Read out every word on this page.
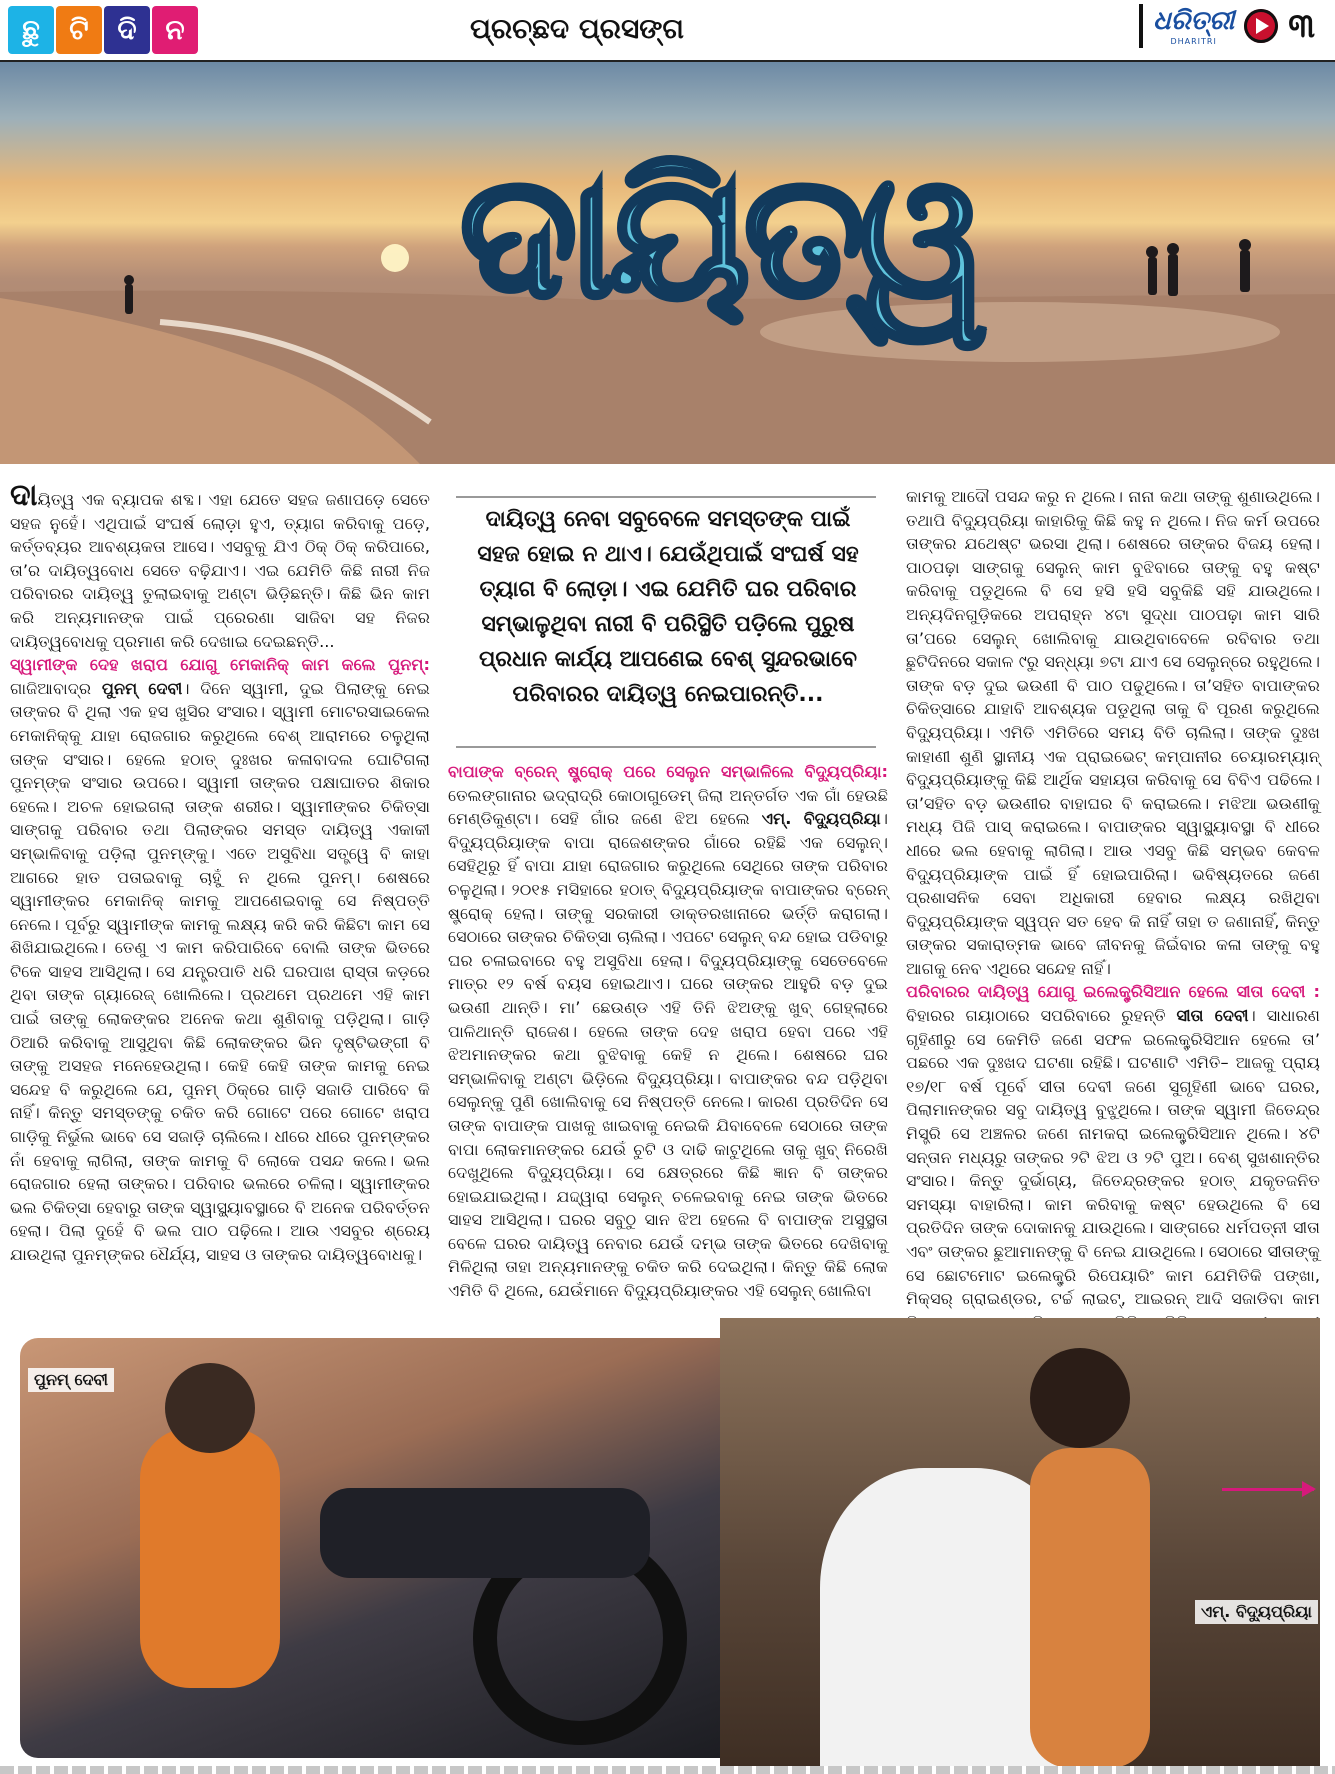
ଛୁ	ଟି	ଦି	ନ	ପ୍ରଚ୍ଛଦ ପ୍ରସଙ୍ଗ	ଧରିତ୍ରୀ
DHARITRI	୩
ଦାୟିତ୍ୱ

ଦାୟିତ୍ୱ ଏକ ବ୍ୟାପକ ଶବ୍ଦ। ଏହା ଯେତେ ସହଜ ଜଣାପଡ଼େ ସେତେ ସହଜ ନୁହେଁ। ଏଥିପାଇଁ ସଂଘର୍ଷ ଲୋଡ଼ା ହୁଏ, ତ୍ୟାଗ କରିବାକୁ ପଡ଼େ, କର୍ତ୍ତବ୍ୟର ଆବଶ୍ୟକତା ଆସେ। ଏସବୁକୁ ଯିଏ ଠିକ୍ ଠିକ୍ କରିପାରେ, ତା’ର ଦାୟିତ୍ୱବୋଧ ସେତେ ବଢ଼ିଯାଏ। ଏଇ ଯେମିତି କିଛି ନାରୀ ନିଜ ପରିବାରର ଦାୟିତ୍ୱ ତୁଲାଇବାକୁ ଅଣ୍ଟା ଭିଡ଼ିଛନ୍ତି। କିଛି ଭିନ କାମ କରି ଅନ୍ୟମାନଙ୍କ ପାଇଁ ପ୍ରେରଣା ସାଜିବା ସହ ନିଜର ଦାୟିତ୍ୱବୋଧକୁ ପ୍ରମାଣ କରି ଦେଖାଇ ଦେଇଛନ୍ତି...

ସ୍ୱାମୀଙ୍କ ଦେହ ଖରାପ ଯୋଗୁ ମେକାନିକ୍ କାମ କଲେ ପୁନମ୍: ଗାଜିଆବାଦ୍‌ର ପୁନମ୍ ଦେବୀ। ଦିନେ ସ୍ୱାମୀ, ଦୁଇ ପିଲାଙ୍କୁ ନେଇ ତାଙ୍କର ବି ଥିଲା ଏକ ହସ ଖୁସିର ସଂସାର। ସ୍ୱାମୀ ମୋଟରସାଇକେଲ ମେକାନିକ୍କୁ ଯାହା ରୋଜଗାର କରୁଥିଲେ ବେଶ୍ ଆରାମରେ ଚଳୁଥିଲା ତାଙ୍କ ସଂସାର। ହେଲେ ହଠାତ୍ ଦୁଃଖର କଳାବାଦଲ ଘୋଟିଗଲା ପୁନମ୍‌ଙ୍କ ସଂସାର ଉପରେ। ସ୍ୱାମୀ ତାଙ୍କର ପକ୍ଷାଘାତର ଶିକାର ହେଲେ। ଅଚଳ ହୋଇଗଲା ତାଙ୍କ ଶରୀର। ସ୍ୱାମୀଙ୍କର ଚିକିତ୍ସା ସାଙ୍ଗକୁ ପରିବାର ତଥା ପିଲାଙ୍କର ସମସ୍ତ ଦାୟିତ୍ୱ ଏକାକୀ ସମ୍ଭାଳିବାକୁ ପଡ଼ିଲା ପୁନମ୍‌ଙ୍କୁ। ଏତେ ଅସୁବିଧା ସତ୍ତ୍ୱେ ବି କାହା ଆଗରେ ହାତ ପତାଇବାକୁ ଚାହୁଁ ନ ଥିଲେ ପୁନମ୍। ଶେଷରେ ସ୍ୱାମୀଙ୍କର ମେକାନିକ୍ କାମକୁ ଆପଣେଇବାକୁ ସେ ନିଷ୍ପତ୍ତି ନେଲେ। ପୂର୍ବରୁ ସ୍ୱାମୀଙ୍କ କାମକୁ ଲକ୍ଷ୍ୟ କରି କରି କିଛିଟା କାମ ସେ ଶିଖିଯାଇଥିଲେ। ତେଣୁ ଏ କାମ କରିପାରିବେ ବୋଲି ତାଙ୍କ ଭିତରେ ଟିକେ ସାହସ ଆସିଥିଲା। ସେ ଯନ୍ତ୍ରପାତି ଧରି ଘରପାଖ ରାସ୍ତା କଡ଼ରେ ଥିବା ତାଙ୍କ ଗ୍ୟାରେଜ୍ ଖୋଲିଲେ। ପ୍ରଥମେ ପ୍ରଥମେ ଏହି କାମ ପାଇଁ ତାଙ୍କୁ ଲୋକଙ୍କର ଅନେକ କଥା ଶୁଣିବାକୁ ପଡ଼ିଥିଲା। ଗାଡ଼ି ଠିଆରି କରିବାକୁ ଆସୁଥିବା କିଛି ଲୋକଙ୍କର ଭିନ ଦୃଷ୍ଟିଭଙ୍ଗୀ ବି ତାଙ୍କୁ ଅସହଜ ମନେହେଉଥିଲା। କେହି କେହି ତାଙ୍କ କାମକୁ ନେଇ ସନ୍ଦେହ ବି କରୁଥିଲେ ଯେ, ପୁନମ୍ ଠିକ୍‌ରେ ଗାଡ଼ି ସଜାଡି ପାରିବେ କି ନାହିଁ। କିନ୍ତୁ ସମସ୍ତଙ୍କୁ ଚକିତ କରି ଗୋଟେ ପରେ ଗୋଟେ ଖରାପ ଗାଡ଼ିକୁ ନିର୍ଭୁଲ ଭାବେ ସେ ସଜାଡ଼ି ଚାଲିଲେ। ଧୀରେ ଧୀରେ ପୁନମ୍‌ଙ୍କର ନାଁ ହେବାକୁ ଲାଗିଲା, ତାଙ୍କ କାମକୁ ବି ଲୋକେ ପସନ୍ଦ କଲେ। ଭଲ ରୋଜଗାର ହେଲା ତାଙ୍କର। ପରିବାର ଭଲରେ ଚଳିଲା। ସ୍ୱାମୀଙ୍କର ଭଲ ଚିକିତ୍ସା ହେବାରୁ ତାଙ୍କ ସ୍ୱାସ୍ଥ୍ୟାବସ୍ଥାରେ ବି ଅନେକ ପରିବର୍ତ୍ତନ ହେଲା। ପିଲା ଦୁହେଁ ବି ଭଲ ପାଠ ପଢ଼ିଲେ। ଆଉ ଏସବୁର ଶ୍ରେୟ ଯାଉଥିଲା ପୁନମ୍‌ଙ୍କର ଧୈର୍ଯ୍ୟ, ସାହସ ଓ ତାଙ୍କର ଦାୟିତ୍ୱବୋଧକୁ।

ଦାୟିତ୍ୱ ନେବା ସବୁବେଳେ ସମସ୍ତଙ୍କ ପାଇଁ ସହଜ ହୋଇ ନ ଥାଏ। ଯେଉଁଥିପାଇଁ ସଂଘର୍ଷ ସହ ତ୍ୟାଗ ବି ଲୋଡ଼ା। ଏଇ ଯେମିତି ଘର ପରିବାର ସମ୍ଭାଳୁଥିବା ନାରୀ ବି ପରିସ୍ଥିତି ପଡ଼ିଲେ ପୁରୁଷ ପ୍ରଧାନ କାର୍ଯ୍ୟ ଆପଣେଇ ବେଶ୍ ସୁନ୍ଦରଭାବେ ପରିବାରର ଦାୟିତ୍ୱ ନେଇପାରନ୍ତି...

ବାପାଙ୍କ ବ୍ରେନ୍ ଷ୍ଟ୍ରୋକ୍ ପରେ ସେଲୁନ ସମ୍ଭାଳିଲେ ବିଦ୍ୟୁପ୍ରିୟା: ତେଲଙ୍ଗାନାର ଭଦ୍ରାଦ୍ରି କୋଠାଗୁଡେମ୍ ଜିଲା ଅନ୍ତର୍ଗତ ଏକ ଗାଁ ହେଉଛି ମେଣ୍ଡିକୁଣ୍ଟା। ସେହି ଗାଁର ଜଣେ ଝିଅ ହେଲେ ଏମ୍. ବିଦ୍ୟୁପ୍ରିୟା। ବିଦ୍ୟୁପ୍ରିୟାଙ୍କ ବାପା ରାଜେଶଙ୍କର ଗାଁରେ ରହିଛି ଏକ ସେଲୁନ୍। ସେହିଥିରୁ ହିଁ ବାପା ଯାହା ରୋଜଗାର କରୁଥିଲେ ସେଥିରେ ତାଙ୍କ ପରିବାର ଚଳୁଥିଲା। ୨୦୧୫ ମସିହାରେ ହଠାତ୍ ବିଦ୍ୟୁପ୍ରିୟାଙ୍କ ବାପାଙ୍କର ବ୍ରେନ୍ ଷ୍ଟ୍ରୋକ୍ ହେଲା। ତାଙ୍କୁ ସରକାରୀ ଡାକ୍ତରଖାନାରେ ଭର୍ତ୍ତି କରାଗଲା। ସେଠାରେ ତାଙ୍କର ଚିକିତ୍ସା ଚାଲିଲା। ଏପଟେ ସେଲୁନ୍ ବନ୍ଦ ହୋଇ ପଡିବାରୁ ଘର ଚଳାଇବାରେ ବହୁ ଅସୁବିଧା ହେଲା। ବିଦ୍ୟୁପ୍ରିୟାଙ୍କୁ ସେତେବେଳେ ମାତ୍ର ୧୨ ବର୍ଷ ବୟସ ହୋଇଥାଏ। ଘରେ ତାଙ୍କର ଆହୁରି ବଡ଼ ଦୁଇ ଭଉଣୀ ଥାନ୍ତି। ମା’ ଛେଉଣ୍ଡ ଏହି ତିନି ଝିଅଙ୍କୁ ଖୁବ୍ ଗେହ୍ଲାରେ ପାଳିଥାନ୍ତି ରାଜେଶ। ହେଲେ ତାଙ୍କ ଦେହ ଖରାପ ହେବା ପରେ ଏହି ଝିଅମାନଙ୍କର କଥା ବୁଝିବାକୁ କେହି ନ ଥିଲେ। ଶେଷରେ ଘର ସମ୍ଭାଳିବାକୁ ଅଣ୍ଟା ଭିଡ଼ିଲେ ବିଦ୍ୟୁପ୍ରିୟା। ବାପାଙ୍କର ବନ୍ଦ ପଡ଼ିଥିବା ସେଲୁନ୍‌କୁ ପୁଣି ଖୋଲିବାକୁ ସେ ନିଷ୍ପତ୍ତି ନେଲେ। କାରଣ ପ୍ରତିଦିନ ସେ ତାଙ୍କ ବାପାଙ୍କ ପାଖକୁ ଖାଇବାକୁ ନେଇକି ଯିବାବେଳେ ସେଠାରେ ତାଙ୍କ ବାପା ଲୋକମାନଙ୍କର ଯେଉଁ ଚୁଟି ଓ ଦାଢି କାଟୁଥିଲେ ତାକୁ ଖୁବ୍ ନିରେଖି ଦେଖୁଥିଲେ ବିଦ୍ୟୁପ୍ରିୟା। ସେ କ୍ଷେତ୍ରରେ କିଛି ଜ୍ଞାନ ବି ତାଙ୍କର ହୋଇଯାଇଥିଲା। ଯଦ୍ଦ୍ୱାରା ସେଲୁନ୍ ଚଳେଇବାକୁ ନେଇ ତାଙ୍କ ଭିତରେ ସାହସ ଆସିଥିଲା। ଘରର ସବୁଠୁ ସାନ ଝିଅ ହେଲେ ବି ବାପାଙ୍କ ଅସୁସ୍ଥତା ବେଳେ ଘରର ଦାୟିତ୍ୱ ନେବାର ଯେଉଁ ଦମ୍ଭ ତାଙ୍କ ଭିତରେ ଦେଖିବାକୁ ମିଳିଥିଲା ତାହା ଅନ୍ୟମାନଙ୍କୁ ଚକିତ କରି ଦେଇଥିଲା। କିନ୍ତୁ କିଛି ଲୋକ ଏମିତି ବି ଥିଲେ, ଯେଉଁମାନେ ବିଦ୍ୟୁପ୍ରିୟାଙ୍କର ଏହି ସେଲୁନ୍ ଖୋଲିବା

କାମକୁ ଆଦୌ ପସନ୍ଦ କରୁ ନ ଥିଲେ। ନାନା କଥା ତାଙ୍କୁ ଶୁଣାଉଥିଲେ। ତଥାପି ବିଦ୍ୟୁପ୍ରିୟା କାହାରିକୁ କିଛି କହୁ ନ ଥିଲେ। ନିଜ କର୍ମ ଉପରେ ତାଙ୍କର ଯଥେଷ୍ଟ ଭରସା ଥିଲା। ଶେଷରେ ତାଙ୍କର ବିଜୟ ହେଲା। ପାଠପଢ଼ା ସାଙ୍ଗକୁ ସେଲୁନ୍ କାମ ବୁଝିବାରେ ତାଙ୍କୁ ବହୁ କଷ୍ଟ କରିବାକୁ ପଡୁଥିଲେ ବି ସେ ହସି ହସି ସବୁକିଛି ସହି ଯାଉଥିଲେ। ଅନ୍ୟଦିନଗୁଡ଼ିକରେ ଅପରାହ୍ନ ୪ଟା ସୁଦ୍ଧା ପାଠପଢ଼ା କାମ ସାରି ତା’ପରେ ସେଲୁନ୍ ଖୋଲିବାକୁ ଯାଉଥିବାବେଳେ ରବିବାର ତଥା ଛୁଟିଦିନରେ ସକାଳ ୯ରୁ ସନ୍ଧ୍ୟା ୭ଟା ଯାଏ ସେ ସେଲୁନ୍‌ରେ ରହୁଥିଲେ। ତାଙ୍କ ବଡ଼ ଦୁଇ ଭଉଣୀ ବି ପାଠ ପଢୁଥିଲେ। ତା’ସହିତ ବାପାଙ୍କର ଚିକିତ୍ସାରେ ଯାହାବି ଆବଶ୍ୟକ ପଡୁଥିଲା ତାକୁ ବି ପୂରଣ କରୁଥିଲେ ବିଦ୍ୟୁପ୍ରିୟା। ଏମିତି ଏମିତିରେ ସମୟ ବିତି ଚାଲିଲା। ତାଙ୍କ ଦୁଃଖ କାହାଣୀ ଶୁଣି ସ୍ଥାନୀୟ ଏକ ପ୍ରାଇଭେଟ୍ କମ୍ପାନୀର ଚେୟାରମ୍ୟାନ୍ ବିଦ୍ୟୁପ୍ରିୟାଙ୍କୁ କିଛି ଆର୍ଥିକ ସହାୟତା କରିବାକୁ ସେ ବିବିଏ ପଢିଲେ। ତା’ସହିତ ବଡ଼ ଭଉଣୀର ବାହାଘର ବି କରାଇଲେ। ମଝିଆ ଭଉଣୀକୁ ମଧ୍ୟ ପିଜି ପାସ୍ କରାଇଲେ। ବାପାଙ୍କର ସ୍ୱାସ୍ଥ୍ୟାବସ୍ଥା ବି ଧୀରେ ଧୀରେ ଭଲ ହେବାକୁ ଲାଗିଲା। ଆଉ ଏସବୁ କିଛି ସମ୍ଭବ କେବଳ ବିଦ୍ୟୁପ୍ରିୟାଙ୍କ ପାଇଁ ହିଁ ହୋଇପାରିଲା। ଭବିଷ୍ୟତରେ ଜଣେ ପ୍ରଶାସନିକ ସେବା ଅଧିକାରୀ ହେବାର ଲକ୍ଷ୍ୟ ରଖିଥିବା ବିଦ୍ୟୁପ୍ରିୟାଙ୍କ ସ୍ୱପ୍ନ ସତ ହେବ କି ନାହିଁ ତାହା ତ ଜଣାନାହିଁ, କିନ୍ତୁ ତାଙ୍କର ସକାରାତ୍ମକ ଭାବେ ଜୀବନକୁ ଜିଇଁବାର କଳା ତାଙ୍କୁ ବହୁ ଆଗକୁ ନେବ ଏଥିରେ ସନ୍ଦେହ ନାହିଁ।

ପରିବାରର ଦାୟିତ୍ୱ ଯୋଗୁ ଇଲେକ୍ଟ୍ରିସିଆନ ହେଲେ ସୀତା ଦେବୀ : ବିହାରର ଗୟାଠାରେ ସପରିବାରେ ରୁହନ୍ତି ସୀତା ଦେବୀ। ସାଧାରଣ ଗୃହିଣୀରୁ ସେ କେମିତି ଜଣେ ସଫଳ ଇଲେକ୍ଟ୍ରିସିଆନ ହେଲେ ତା’ ପଛରେ ଏକ ଦୁଃଖଦ ଘଟଣା ରହିଛି। ଘଟଣାଟି ଏମିତି– ଆଜକୁ ପ୍ରାୟ ୧୭/୧୮ ବର୍ଷ ପୂର୍ବେ ସୀତା ଦେବୀ ଜଣେ ସୁଗୃହିଣୀ ଭାବେ ଘରର, ପିଲାମାନଙ୍କର ସବୁ ଦାୟିତ୍ୱ ବୁଝୁଥିଲେ। ତାଙ୍କ ସ୍ୱାମୀ ଜିତେନ୍ଦ୍ର ମିସ୍ତ୍ରି ସେ ଅଞ୍ଚଳର ଜଣେ ନାମକରା ଇଲେକ୍ଟ୍ରିସିଆନ ଥିଲେ। ୪ଟି ସନ୍ତାନ ମଧ୍ୟରୁ ତାଙ୍କର ୨ଟି ଝିଅ ଓ ୨ଟି ପୁଅ। ବେଶ୍ ସୁଖଶାନ୍ତିର ସଂସାର। କିନ୍ତୁ ଦୁର୍ଭାଗ୍ୟ, ଜିତେନ୍ଦ୍ରଙ୍କର ହଠାତ୍ ଯକୃତଜନିତ ସମସ୍ୟା ବାହାରିଲା। କାମ କରିବାକୁ କଷ୍ଟ ହେଉଥିଲେ ବି ସେ ପ୍ରତିଦିନ ତାଙ୍କ ଦୋକାନକୁ ଯାଉଥିଲେ। ସାଙ୍ଗରେ ଧର୍ମପତ୍ନୀ ସୀତା ଏବଂ ତାଙ୍କର ଛୁଆମାନଙ୍କୁ ବି ନେଇ ଯାଉଥିଲେ। ସେଠାରେ ସୀତାଙ୍କୁ ସେ ଛୋଟମୋଟ ଇଲେକ୍ଟ୍ରି ରିପେୟାରିଂ କାମ ଯେମିତିକି ପଙ୍ଖା, ମିକ୍ସର୍ ଗ୍ରାଇଣ୍ଡର, ଟର୍ଚ୍ଚ ଲାଇଟ୍, ଆଇରନ୍ ଆଦି ସଜାଡିବା କାମ

ପୁନମ୍ ଦେବୀ
ଏମ୍. ବିଦ୍ୟୁପ୍ରିୟା
